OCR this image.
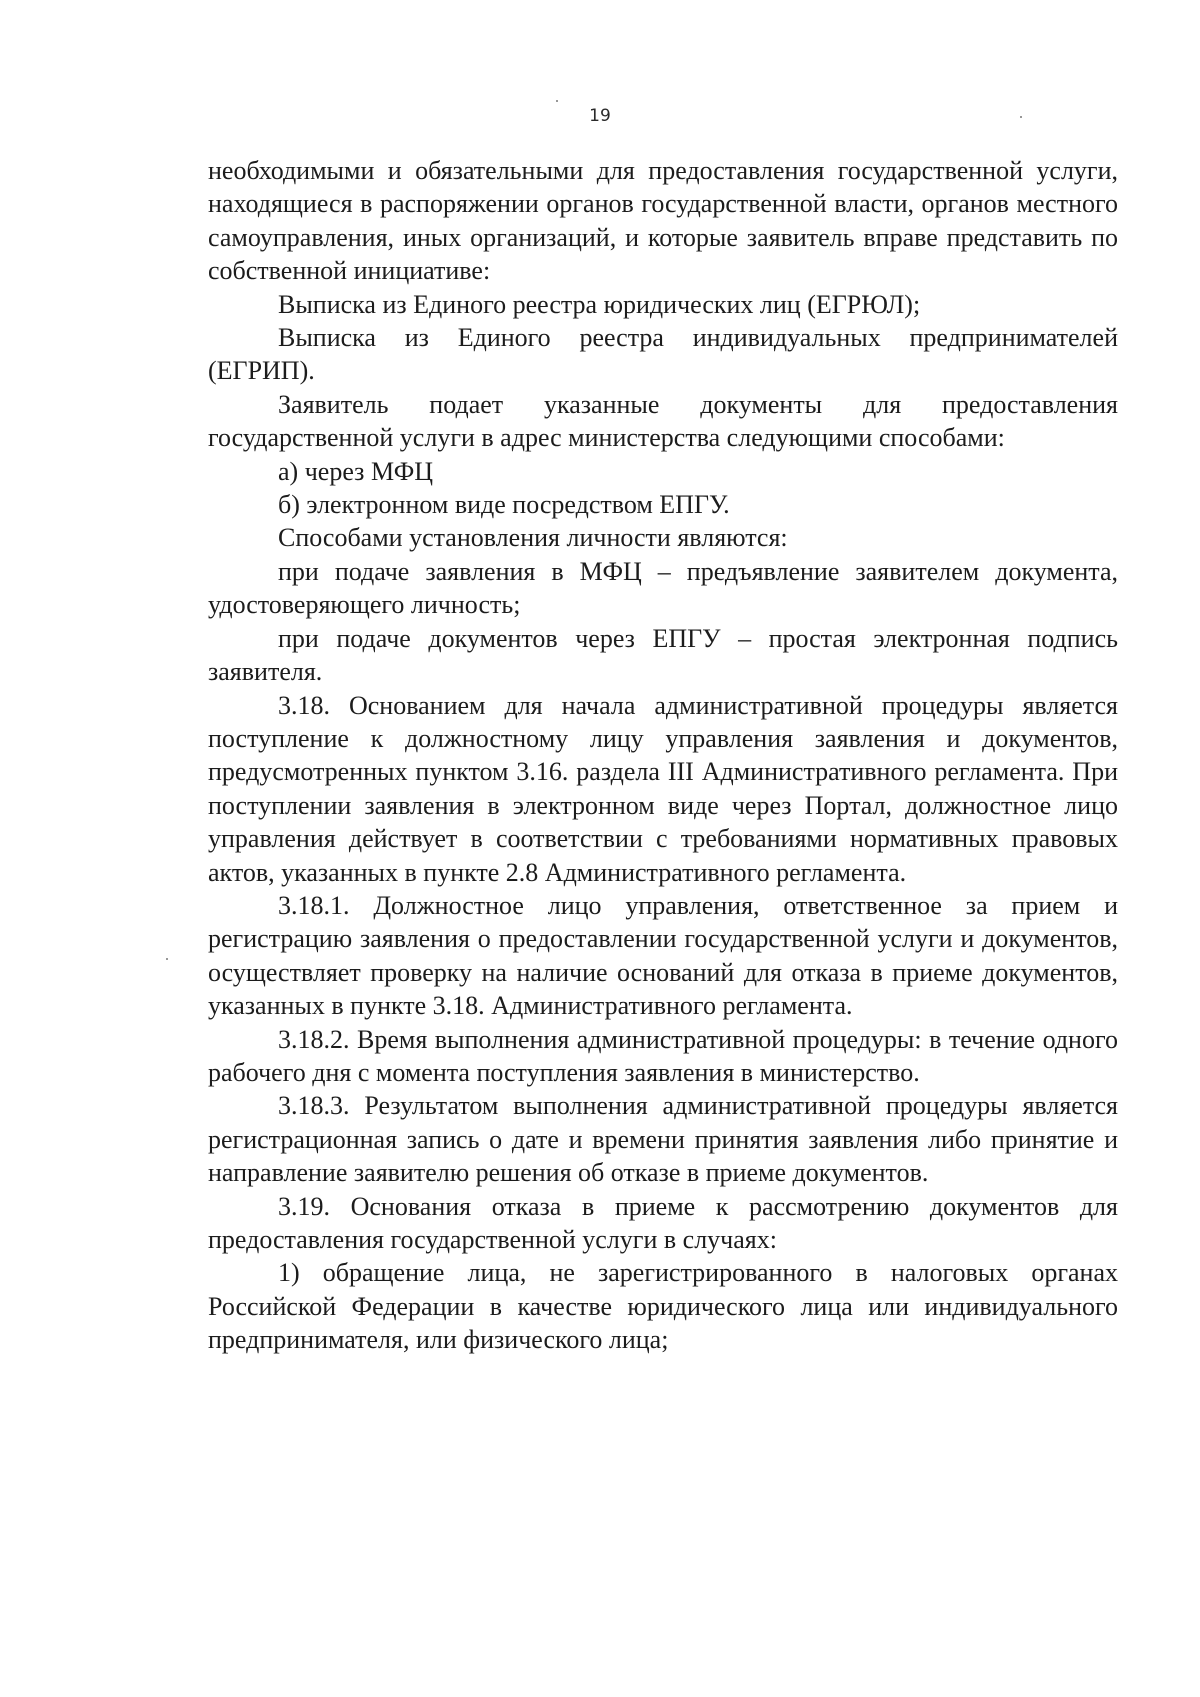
19

необходимыми и обязательными для предоставления государственной услуги, находящиеся в распоряжении органов государственной власти, органов местного самоуправления, иных организаций, и которые заявитель вправе представить по собственной инициативе:

Выписка из Единого реестра юридических лиц (ЕГРЮЛ);

Выписка из Единого реестра индивидуальных предпринимателей (ЕГРИП).

Заявитель подает указанные документы для предоставления государственной услуги в адрес министерства следующими способами:

а) через МФЦ

б) электронном виде посредством ЕПГУ.

Способами установления личности являются:

при подаче заявления в МФЦ – предъявление заявителем документа, удостоверяющего личность;

при подаче документов через ЕПГУ – простая электронная подпись заявителя.

3.18. Основанием для начала административной процедуры является поступление к должностному лицу управления заявления и документов, предусмотренных пунктом 3.16. раздела III Административного регламента. При поступлении заявления в электронном виде через Портал, должностное лицо управления действует в соответствии с требованиями нормативных правовых актов, указанных в пункте 2.8 Административного регламента.

3.18.1. Должностное лицо управления, ответственное за прием и регистрацию заявления о предоставлении государственной услуги и документов, осуществляет проверку на наличие оснований для отказа в приеме документов, указанных в пункте 3.18. Административного регламента.

3.18.2. Время выполнения административной процедуры: в течение одного рабочего дня с момента поступления заявления в министерство.

3.18.3. Результатом выполнения административной процедуры является регистрационная запись о дате и времени принятия заявления либо принятие и направление заявителю решения об отказе в приеме документов.

3.19. Основания отказа в приеме к рассмотрению документов для предоставления государственной услуги в случаях:

1) обращение лица, не зарегистрированного в налоговых органах Российской Федерации в качестве юридического лица или индивидуального предпринимателя, или физического лица;
